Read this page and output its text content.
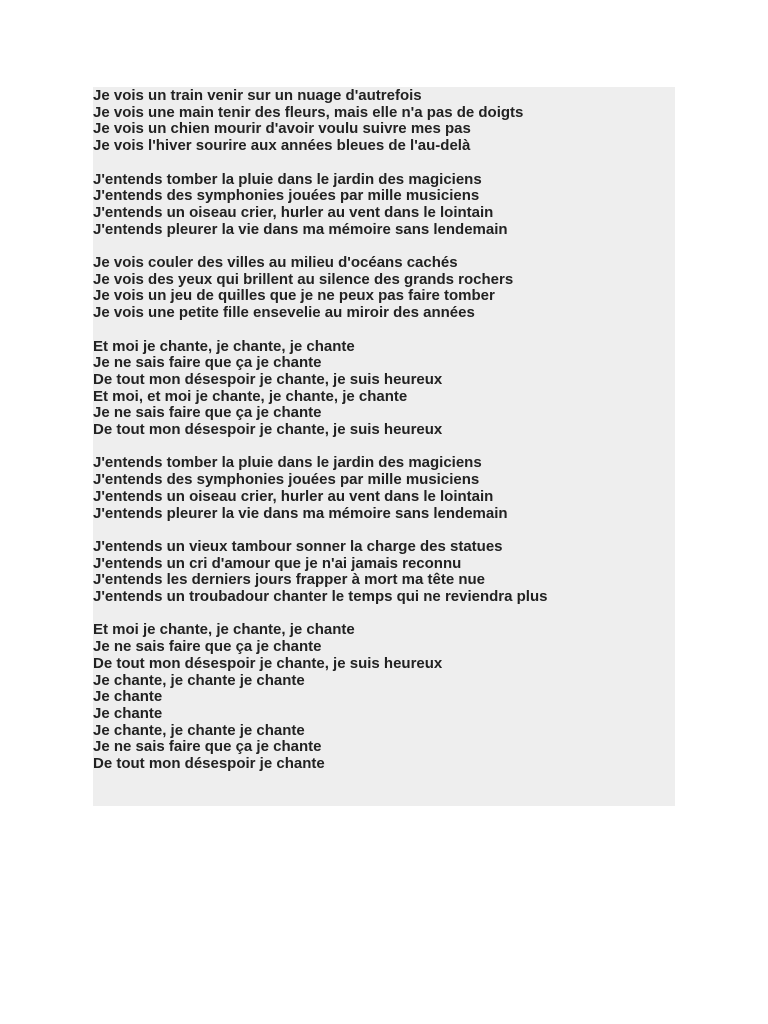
Je vois un train venir sur un nuage d'autrefois
Je vois une main tenir des fleurs, mais elle n'a pas de doigts
Je vois un chien mourir d'avoir voulu suivre mes pas
Je vois l'hiver sourire aux années bleues de l'au-delà
J'entends tomber la pluie dans le jardin des magiciens
J'entends des symphonies jouées par mille musiciens
J'entends un oiseau crier, hurler au vent dans le lointain
J'entends pleurer la vie dans ma mémoire sans lendemain
Je vois couler des villes au milieu d'océans cachés
Je vois des yeux qui brillent au silence des grands rochers
Je vois un jeu de quilles que je ne peux pas faire tomber
Je vois une petite fille ensevelie au miroir des années
Et moi je chante, je chante, je chante
Je ne sais faire que ça je chante
De tout mon désespoir je chante, je suis heureux
Et moi, et moi je chante, je chante, je chante
Je ne sais faire que ça je chante
De tout mon désespoir je chante, je suis heureux
J'entends tomber la pluie dans le jardin des magiciens
J'entends des symphonies jouées par mille musiciens
J'entends un oiseau crier, hurler au vent dans le lointain
J'entends pleurer la vie dans ma mémoire sans lendemain
J'entends un vieux tambour sonner la charge des statues
J'entends un cri d'amour que je n'ai jamais reconnu
J'entends les derniers jours frapper à mort ma tête nue
J'entends un troubadour chanter le temps qui ne reviendra plus
Et moi je chante, je chante, je chante
Je ne sais faire que ça je chante
De tout mon désespoir je chante, je suis heureux
Je chante, je chante je chante
Je chante
Je chante
Je chante, je chante je chante
Je ne sais faire que ça je chante
De tout mon désespoir je chante
